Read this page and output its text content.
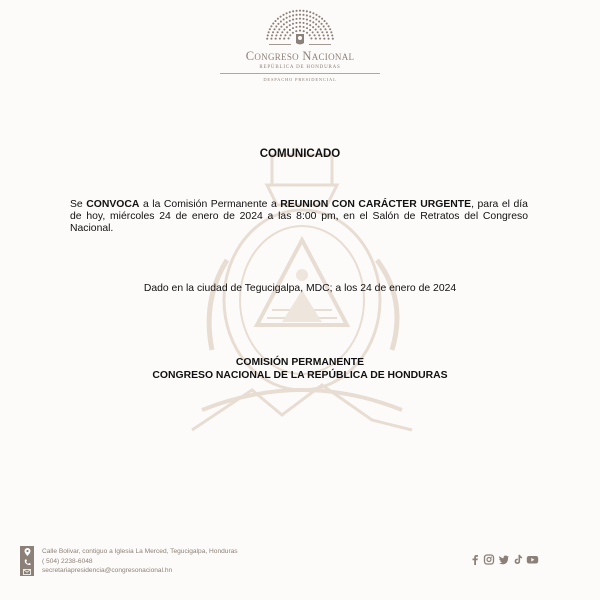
Congreso Nacional
REPÚBLICA DE HONDURAS
DESPACHO PRESIDENCIAL
COMUNICADO

Se CONVOCA a la Comisión Permanente a REUNION CON CARÁCTER URGENTE, para el día de hoy, miércoles 24 de enero de 2024 a las 8:00 pm, en el Salón de Retratos del Congreso Nacional.

Dado en la ciudad de Tegucigalpa, MDC; a los 24 de enero de 2024
COMISIÓN PERMANENTE
CONGRESO NACIONAL DE LA REPÚBLICA DE HONDURAS
Calle Bolivar, contiguo a Iglesia La Merced, Tegucigalpa, Honduras
( 504) 2238-6048
secretariapresidencia@congresonacional.hn
